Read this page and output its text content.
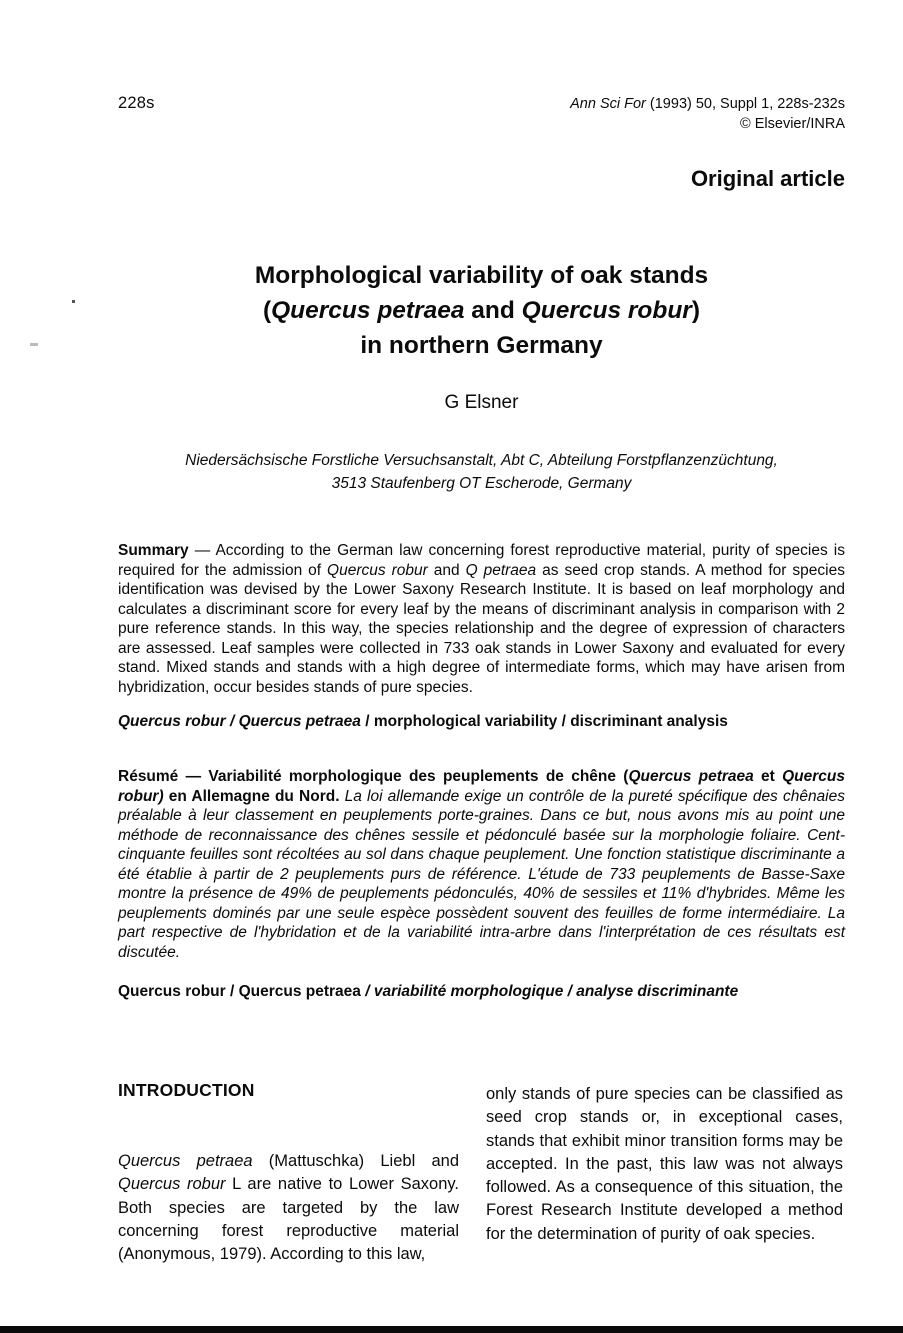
228s	Ann Sci For (1993) 50, Suppl 1, 228s-232s
© Elsevier/INRA
Original article
Morphological variability of oak stands
(Quercus petraea and Quercus robur)
in northern Germany
G Elsner
Niedersächsische Forstliche Versuchsanstalt, Abt C, Abteilung Forstpflanzenzüchtung,
3513 Staufenberg OT Escherode, Germany

Summary — According to the German law concerning forest reproductive material, purity of species is required for the admission of Quercus robur and Q petraea as seed crop stands. A method for species identification was devised by the Lower Saxony Research Institute. It is based on leaf morphology and calculates a discriminant score for every leaf by the means of discriminant analysis in comparison with 2 pure reference stands. In this way, the species relationship and the degree of expression of characters are assessed. Leaf samples were collected in 733 oak stands in Lower Saxony and evaluated for every stand. Mixed stands and stands with a high degree of intermediate forms, which may have arisen from hybridization, occur besides stands of pure species.

Quercus robur / Quercus petraea / morphological variability / discriminant analysis

Résumé — Variabilité morphologique des peuplements de chêne (Quercus petraea et Quercus robur) en Allemagne du Nord. La loi allemande exige un contrôle de la pureté spécifique des chênaies préalable à leur classement en peuplements porte-graines. Dans ce but, nous avons mis au point une méthode de reconnaissance des chênes sessile et pédonculé basée sur la morphologie foliaire. Cent-cinquante feuilles sont récoltées au sol dans chaque peuplement. Une fonction statistique discriminante a été établie à partir de 2 peuplements purs de référence. L'étude de 733 peuplements de Basse-Saxe montre la présence de 49% de peuplements pédonculés, 40% de sessiles et 11% d'hybrides. Même les peuplements dominés par une seule espèce possèdent souvent des feuilles de forme intermédiaire. La part respective de l'hybridation et de la variabilité intra-arbre dans l'interprétation de ces résultats est discutée.

Quercus robur / Quercus petraea / variabilité morphologique / analyse discriminante

INTRODUCTION
Quercus petraea (Mattuschka) Liebl and Quercus robur L are native to Lower Saxony. Both species are targeted by the law concerning forest reproductive material (Anonymous, 1979). According to this law,
only stands of pure species can be classified as seed crop stands or, in exceptional cases, stands that exhibit minor transition forms may be accepted. In the past, this law was not always followed. As a consequence of this situation, the Forest Research Institute developed a method for the determination of purity of oak species.
